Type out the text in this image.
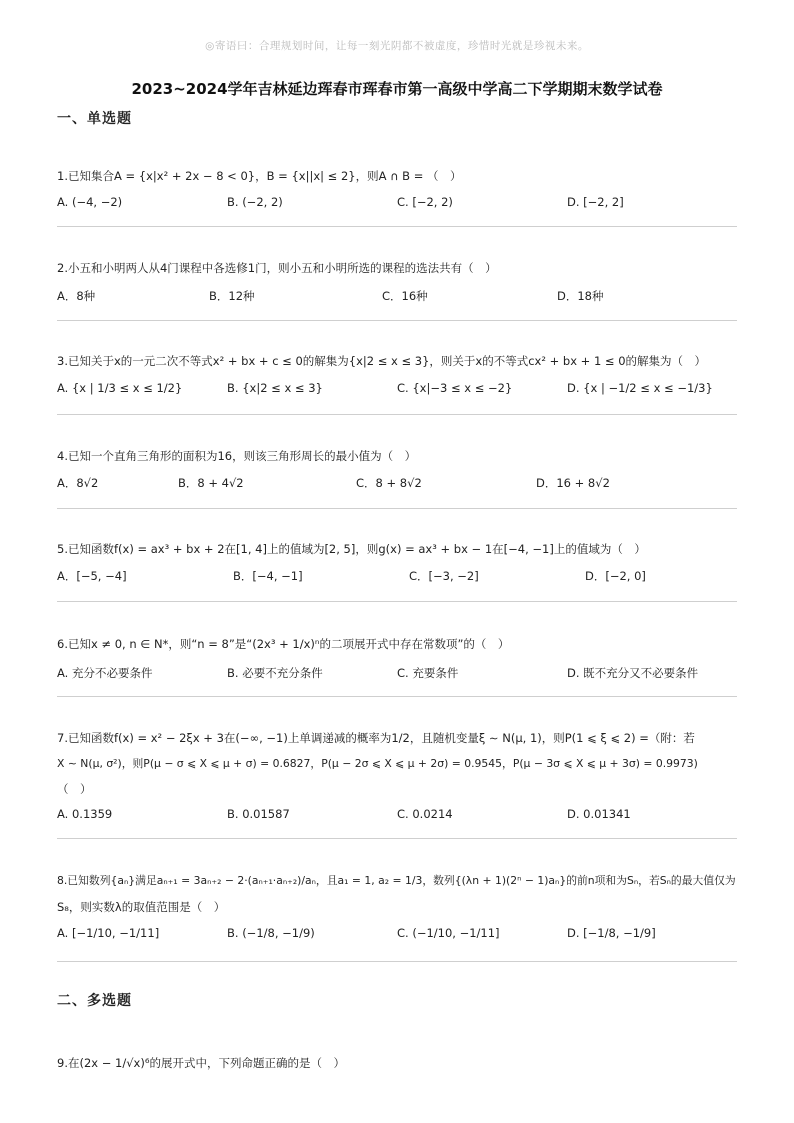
◎寄语曰：合理规划时间，让每一刻光阴都不被虚度，珍惜时光就是珍视未来。
2023~2024学年吉林延边珲春市珲春市第一高级中学高二下学期期末数学试卷
一、单选题
1.已知集合A = {x|x² + 2x − 8 < 0}，B = {x||x| ≤ 2}，则A ∩ B = （　）
A. (−4, −2)	B. (−2, 2)	C. [−2, 2)	D. [−2, 2]
2.小五和小明两人从4门课程中各选修1门，则小五和小明所选的课程的选法共有（　）
A．8种	B．12种	C．16种	D．18种
3.已知关于x的一元二次不等式x² + bx + c ≤ 0的解集为{x|2 ≤ x ≤ 3}，则关于x的不等式cx² + bx + 1 ≤ 0的解集为（　）
A. {x | 1/3 ≤ x ≤ 1/2}	B. {x|2 ≤ x ≤ 3}	C. {x|−3 ≤ x ≤ −2}	D. {x | −1/2 ≤ x ≤ −1/3}
4.已知一个直角三角形的面积为16，则该三角形周长的最小值为（　）
A．8√2	B．8 + 4√2	C．8 + 8√2	D．16 + 8√2
5.已知函数f(x) = ax³ + bx + 2在[1, 4]上的值域为[2, 5]，则g(x) = ax³ + bx − 1在[−4, −1]上的值域为（　）
A．[−5, −4]	B．[−4, −1]	C．[−3, −2]	D．[−2, 0]
6.已知x ≠ 0, n ∈ N*，则“n = 8”是“(2x³ + 1/x)ⁿ的二项展开式中存在常数项”的（　）
A. 充分不必要条件	B. 必要不充分条件	C. 充要条件	D. 既不充分又不必要条件
7.已知函数f(x) = x² − 2ξx + 3在(−∞, −1)上单调递减的概率为1/2，且随机变量ξ ∼ N(μ, 1)，则P(1 ⩽ ξ ⩽ 2) =（附：若
X ∼ N(μ, σ²)，则P(μ − σ ⩽ X ⩽ μ + σ) = 0.6827，P(μ − 2σ ⩽ X ⩽ μ + 2σ) = 0.9545，P(μ − 3σ ⩽ X ⩽ μ + 3σ) = 0.9973)
（　）
A. 0.1359	B. 0.01587	C. 0.0214	D. 0.01341
8.已知数列{aₙ}满足aₙ₊₁ = 3aₙ₊₂ − 2·(aₙ₊₁·aₙ₊₂)/aₙ，且a₁ = 1, a₂ = 1/3，数列{(λn + 1)(2ⁿ − 1)aₙ}的前n项和为Sₙ，若Sₙ的最大值仅为
S₈，则实数λ的取值范围是（　）
A. [−1/10, −1/11]	B. (−1/8, −1/9)	C. (−1/10, −1/11]	D. [−1/8, −1/9]
二、多选题
9.在(2x − 1/√x)⁶的展开式中，下列命题正确的是（　）
